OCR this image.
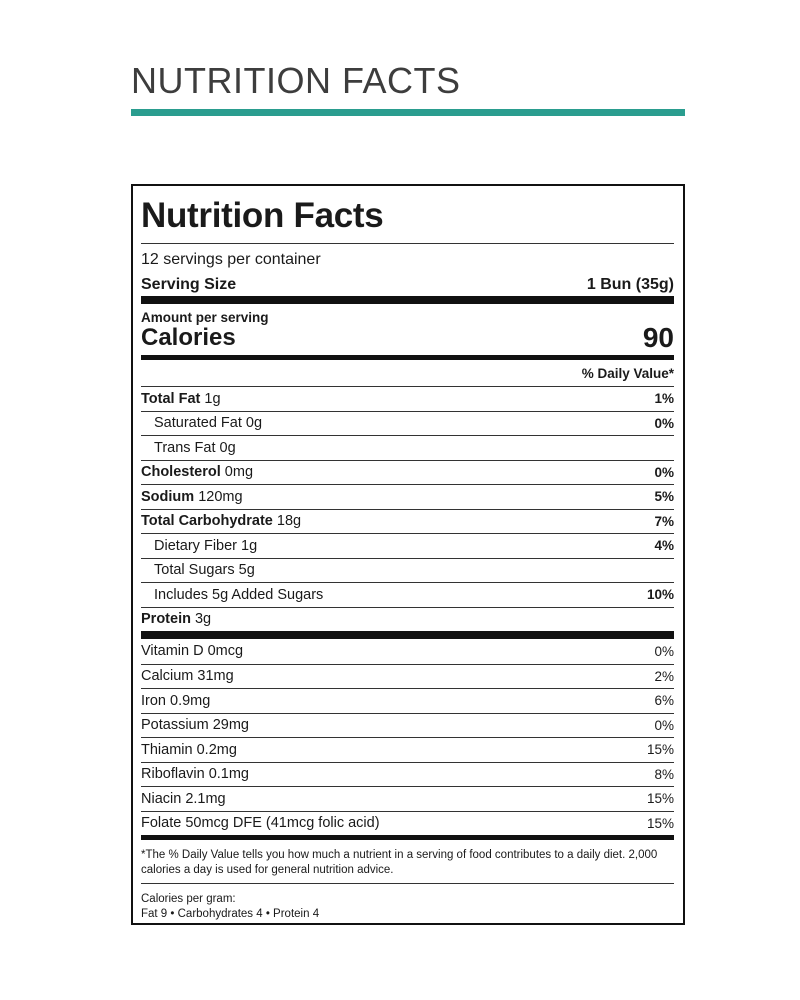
NUTRITION FACTS
Nutrition Facts
12 servings per container
Serving Size	1 Bun (35g)
Amount per serving
Calories	90
% Daily Value*
Total Fat 1g	1%
Saturated Fat 0g	0%
Trans Fat 0g
Cholesterol 0mg	0%
Sodium 120mg	5%
Total Carbohydrate 18g	7%
Dietary Fiber 1g	4%
Total Sugars 5g
Includes 5g Added Sugars	10%
Protein 3g
Vitamin D 0mcg	0%
Calcium 31mg	2%
Iron 0.9mg	6%
Potassium 29mg	0%
Thiamin 0.2mg	15%
Riboflavin 0.1mg	8%
Niacin 2.1mg	15%
Folate 50mcg DFE (41mcg folic acid)	15%
*The % Daily Value tells you how much a nutrient in a serving of food contributes to a daily diet. 2,000 calories a day is used for general nutrition advice.
Calories per gram:
Fat 9 • Carbohydrates 4 • Protein 4
